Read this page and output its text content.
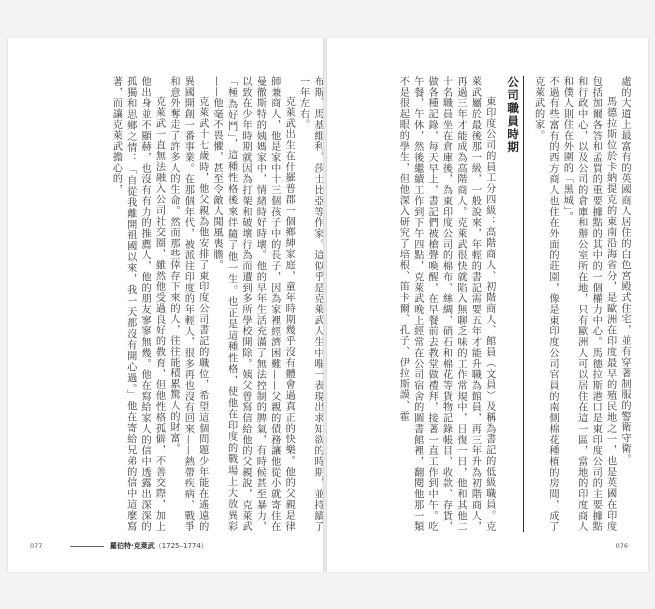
布斯、馬基維利、莎士比亞等作家。這似乎是克萊武人生中唯一表現出求知欲的時期，並持續了一年左右。

克萊武出生在什羅普郡一個鄉紳家庭，童年時期幾乎沒有體會過真正的快樂。他的父親是律師兼商人，他是家中十三個孩子中的長子，因為家裡經濟困難——父親的債務讓他從小就寄住在曼徹斯特的姨媽家中，情緒時好時壞。他的早年生活充滿了無法控制的脾氣，有時候甚至暴力，以致在少年時期就因為打架和破壞行為而遭到多所學校開除。姨父曾寫信給他的父親說，克萊武「極為好鬥」，這種性格後來伴隨了他一生。也正是這種性格，使他在印度的戰場上大放異彩——他毫不畏懼，甚至令敵人聞風喪膽。

克萊武十七歲時，他父親為他安排了東印度公司書記的職位，希望這個問題少年能在遙遠的異國開創一番事業。在那個年代，被派往印度的年輕人，很多再也沒有回來——熱帶疾病、戰爭和意外奪走了許多人的生命。然而那些倖存下來的人，往往能積累驚人的財富。

克萊武一直無法融入公司社交圈，雖然他受過良好的教育，但他性格孤僻，不善交際，加上他出身並不顯赫，也沒有有力的推薦人，他的朋友寥寥無幾。他在寫給家人的信中透露出深深的孤獨和思鄉之情：「自從我離開祖國以來，我一天都沒有開心過。」他在寄給兄弟的信中這麼寫著，而讓克萊武擔心的，

077	羅伯特·克萊武（1725–1774）

處的大道上最富有的英國商人居住的白色宮殿式住宅，並有穿著制服的警衛守衛。

馬德拉斯位於卡納提克的東南沿海省分，是歐洲在印度最早的殖民地之一，也是英國在印度包括加爾各答和孟買的重要據點的其中的一個權力中心。馬德拉斯港口是東印度公司的主要據點和行政中心，以及公司的倉庫和辦公室所在地，只有歐洲人可以居住在這一區，當地的印度商人和僕人則住在外圍的「黑城」。

不過有些富有的西方商人也住在外面的莊園，像是東印度公司官員的南側棉花種植的房間，成了克萊武的家。

公司職員時期

東印度公司的員工分四級：高階商人、初階商人、館員（文員）及稱為書記的低級職員。克萊武屬於最後那一級，一般說來，年輕的書記需要五年才能升職為館員，再三年升為初階商人，再過三年才能成為高階商人。克萊武很快就陷入無聊乏味的工作常規中，日復一日，他和其他二十名職員坐在倉庫後，為東印度公司的棉布、絲綢、硝石和棉花等貨物記錄帳目、收款、存貨，做各種記錄，每天早上，書記們被槍聲喚醒，在早餐前去教堂做禮拜，接著一直工作到中午。吃午餐，午休，然後繼續工作到下午四點，克萊武晚上經常在公司宿舍的圖書館裡，翻閱他那一類不是很起眼的學生，但他深入研究了培根、笛卡爾、孔子、伊拉斯謨、霍

076
